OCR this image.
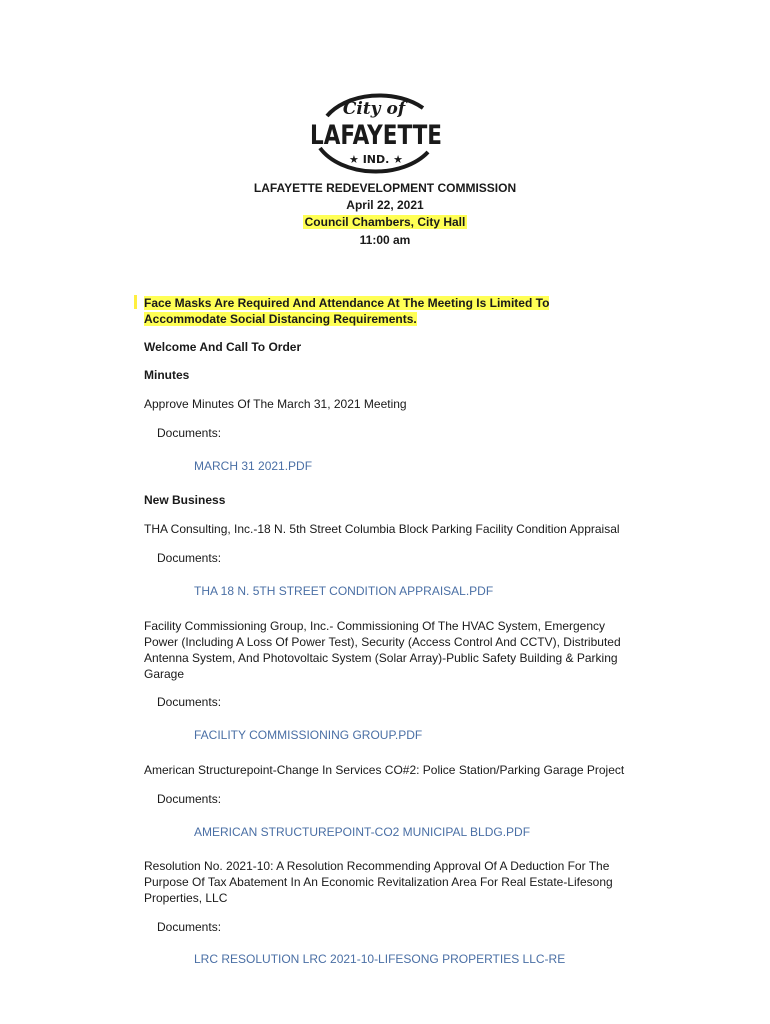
City of
LAFAYETTE
★ IND. ★
LAFAYETTE REDEVELOPMENT COMMISSION
April 22, 2021
Council Chambers, City Hall
11:00 am
Face Masks Are Required And Attendance At The Meeting Is Limited To
Accommodate Social Distancing Requirements.
Welcome And Call To Order
Minutes
Approve Minutes Of The March 31, 2021 Meeting
Documents:
MARCH 31 2021.PDF
New Business
THA Consulting, Inc.-18 N. 5th Street Columbia Block Parking Facility Condition Appraisal
Documents:
THA 18 N. 5TH STREET CONDITION APPRAISAL.PDF
Facility Commissioning Group, Inc.- Commissioning Of The HVAC System, Emergency
Power (Including A Loss Of Power Test), Security (Access Control And CCTV), Distributed
Antenna System, And Photovoltaic System (Solar Array)-Public Safety Building & Parking
Garage
Documents:
FACILITY COMMISSIONING GROUP.PDF
American Structurepoint-Change In Services CO#2: Police Station/Parking Garage Project
Documents:
AMERICAN STRUCTUREPOINT-CO2 MUNICIPAL BLDG.PDF
Resolution No. 2021-10: A Resolution Recommending Approval Of A Deduction For The
Purpose Of Tax Abatement In An Economic Revitalization Area For Real Estate-Lifesong
Properties, LLC
Documents:
LRC RESOLUTION LRC 2021-10-LIFESONG PROPERTIES LLC-RE
